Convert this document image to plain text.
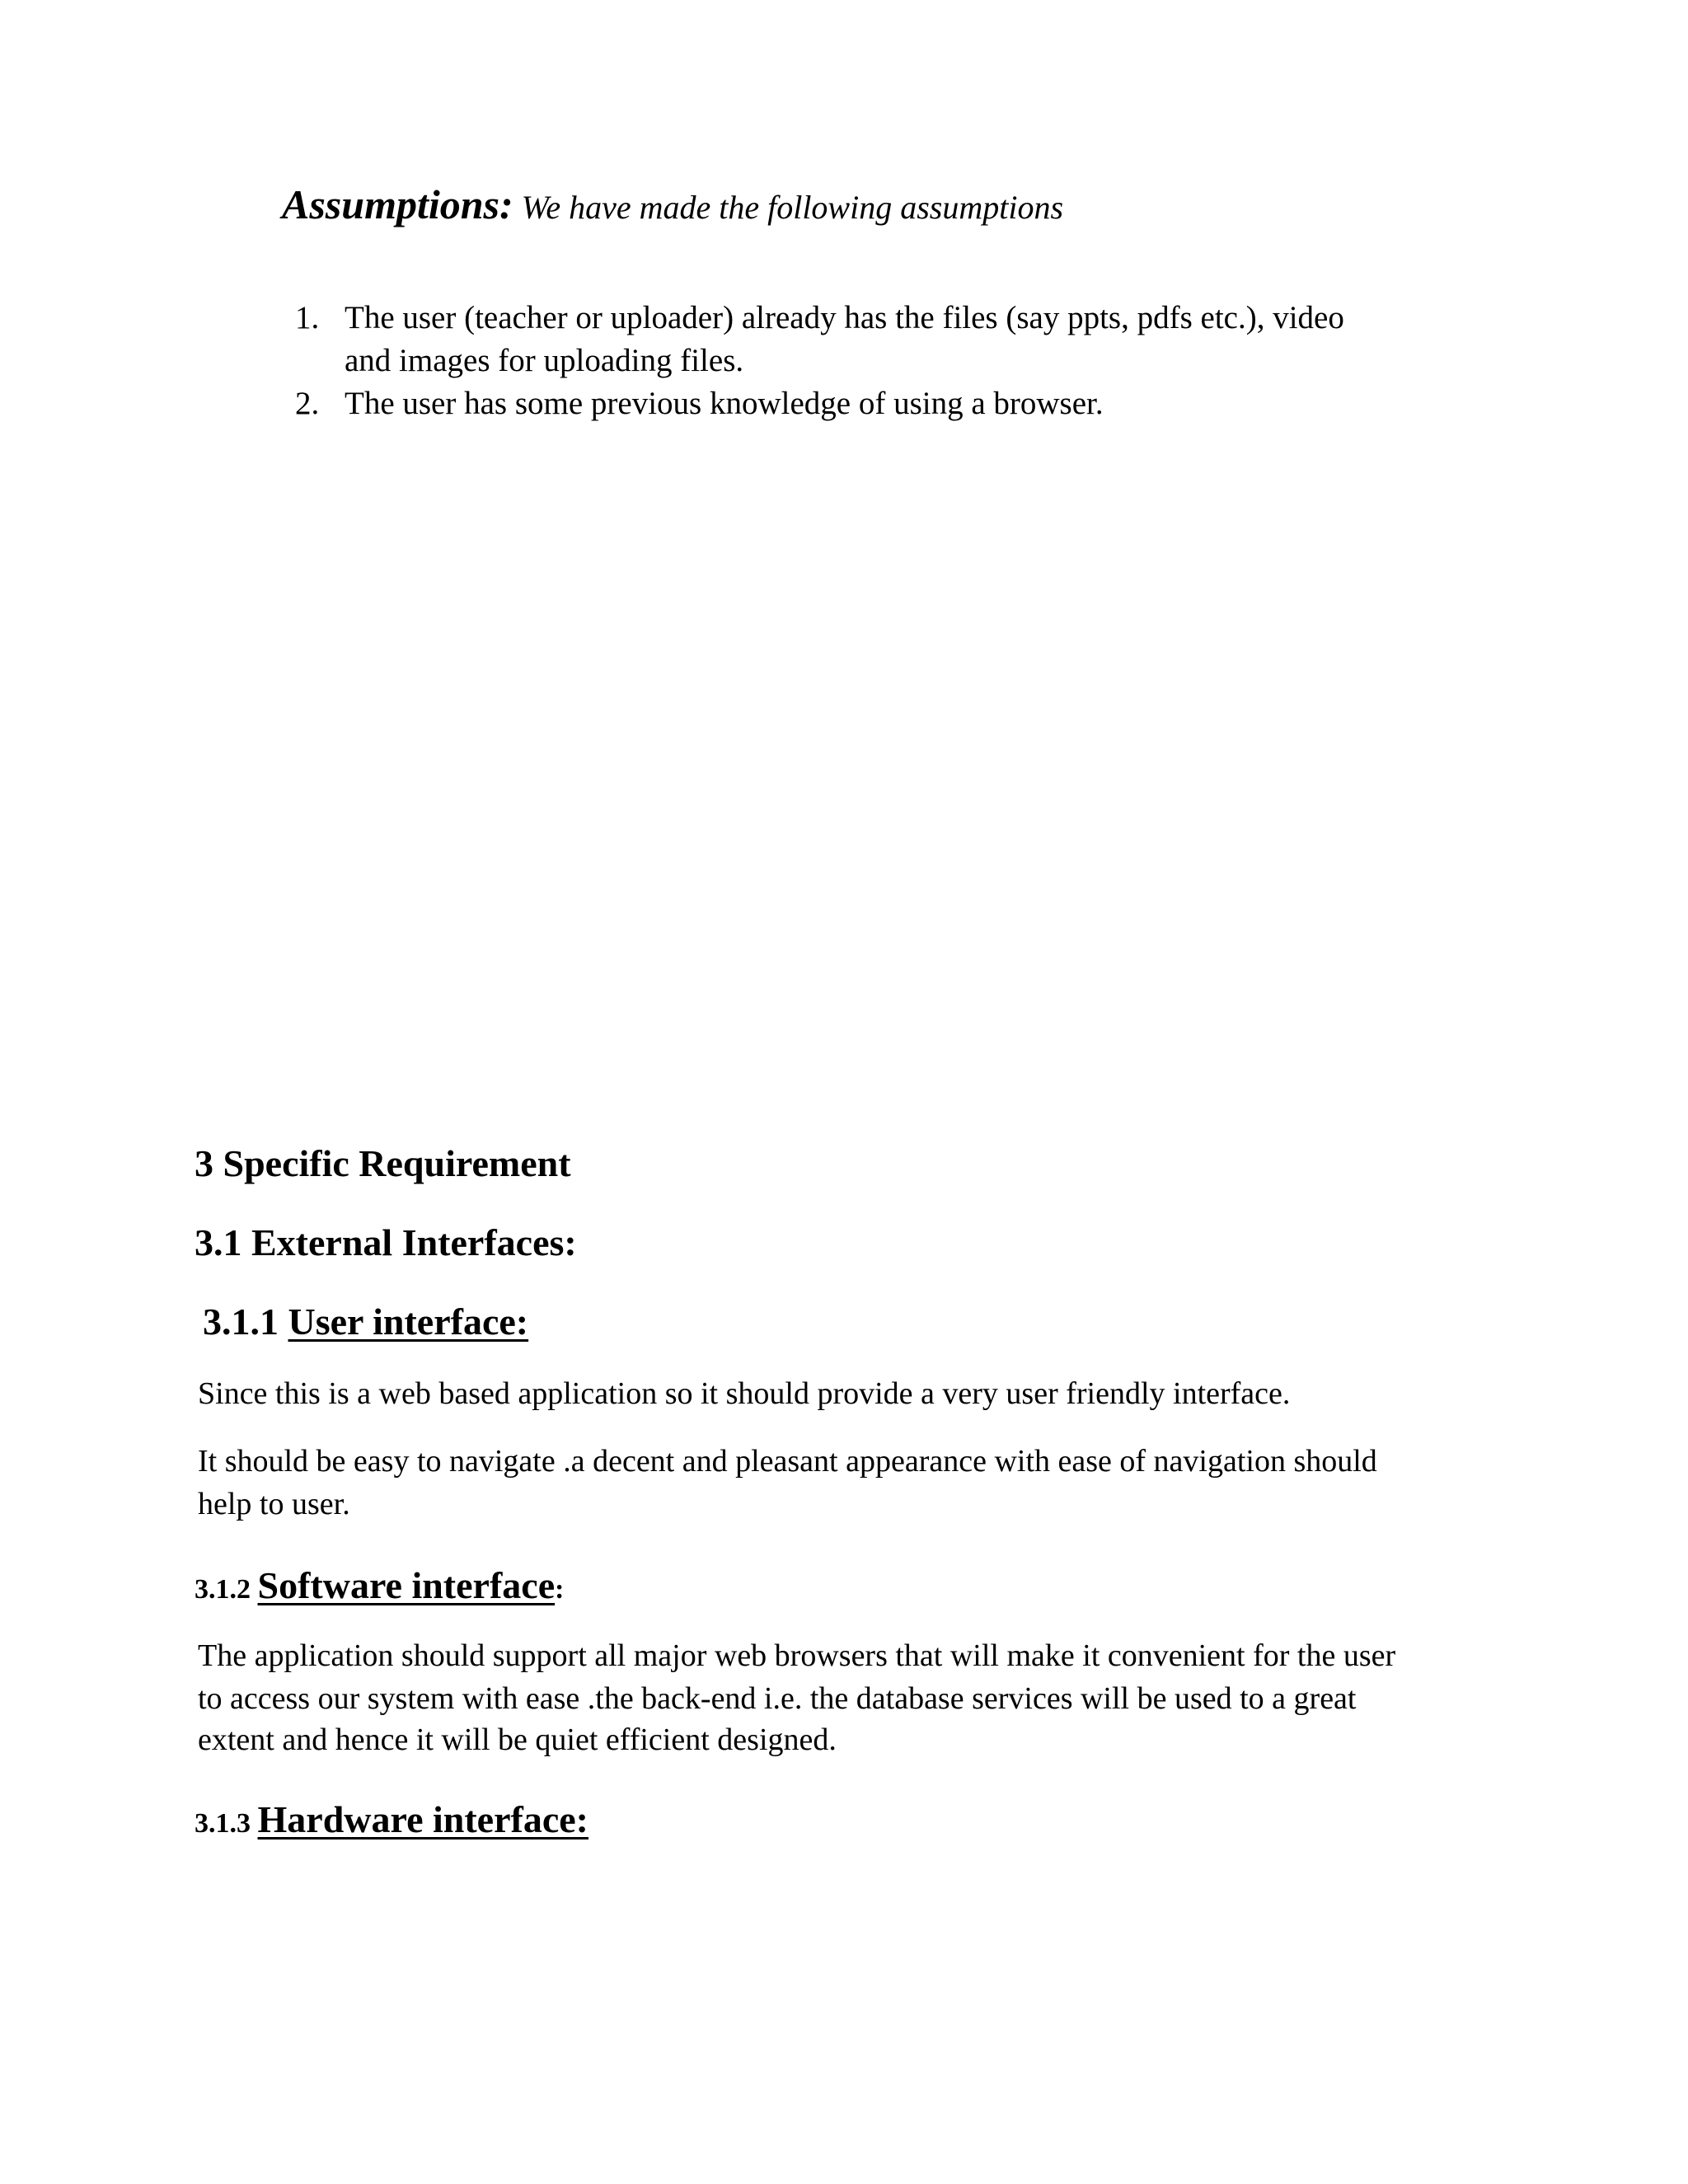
Assumptions: We have made the following assumptions
1. The user (teacher or uploader) already has the files (say ppts, pdfs etc.), video
and images for uploading files.
2. The user has some previous knowledge of using a browser.
3 Specific Requirement
3.1 External Interfaces:
3.1.1 User interface:
Since this is a web based application so it should provide a very user friendly interface.
It should be easy to navigate .a decent and pleasant appearance with ease of navigation should
help to user.
3.1.2 Software interface:
The application should support all major web browsers that will make it convenient for the user
to access our system with ease .the back-end i.e. the database services will be used to a great
extent and hence it will be quiet efficient designed.
3.1.3 Hardware interface:
